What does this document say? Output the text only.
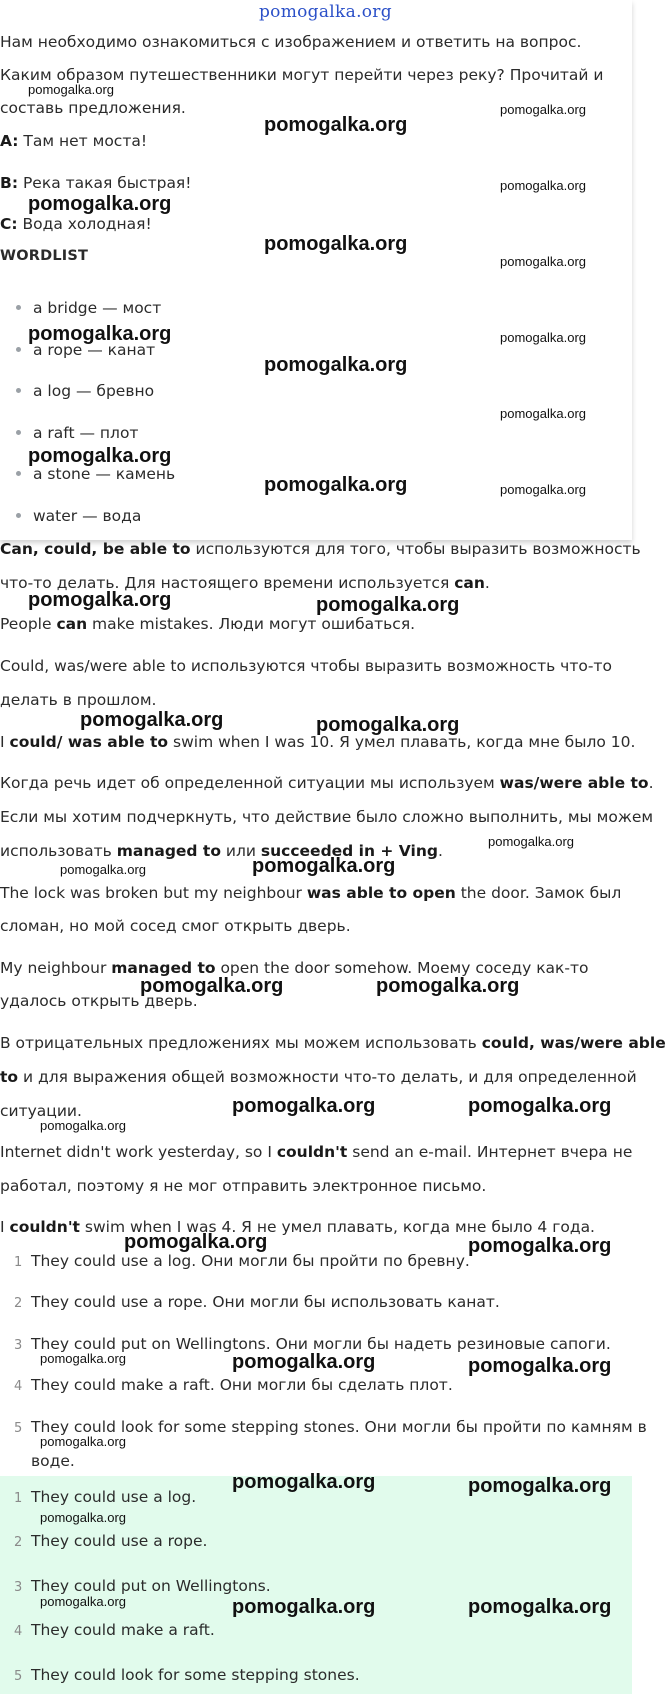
pomogalka.org
Нам необходимо ознакомиться с изображением и ответить на вопрос.
Каким образом путешественники могут перейти через реку? Прочитай и
составь предложения.
A: Там нет моста!
B: Река такая быстрая!
C: Вода холодная!
WORDLIST
a bridge — мост
a rope — канат
a log — бревно
a raft — плот
a stone — камень
water — вода
Can, could, be able to используются для того, чтобы выразить возможность
что-то делать. Для настоящего времени используется can.
People can make mistakes. Люди могут ошибаться.
Could, was/were able to используются чтобы выразить возможность что-то
делать в прошлом.
I could/ was able to swim when I was 10. Я умел плавать, когда мне было 10.
Когда речь идет об определенной ситуации мы используем was/were able to.
Если мы хотим подчеркнуть, что действие было сложно выполнить, мы можем
использовать managed to или succeeded in + Ving.
The lock was broken but my neighbour was able to open the door. Замок был
сломан, но мой сосед смог открыть дверь.
My neighbour managed to open the door somehow. Моему соседу как-то
удалось открыть дверь.
В отрицательных предложениях мы можем использовать could, was/were able
to и для выражения общей возможности что-то делать, и для определенной
ситуации.
Internet didn't work yesterday, so I couldn't send an e-mail. Интернет вчера не
работал, поэтому я не мог отправить электронное письмо.
I couldn't swim when I was 4. Я не умел плавать, когда мне было 4 года.
1 They could use a log. Они могли бы пройти по бревну.
2 They could use a rope. Они могли бы использовать канат.
3 They could put on Wellingtons. Они могли бы надеть резиновые сапоги.
4 They could make a raft. Они могли бы сделать плот.
5 They could look for some stepping stones. Они могли бы пройти по камням в
воде.
1 They could use a log.
2 They could use a rope.
3 They could put on Wellingtons.
4 They could make a raft.
5 They could look for some stepping stones.
pomogalka.org
pomogalka.org
pomogalka.org
pomogalka.org
pomogalka.org
pomogalka.org
pomogalka.org
pomogalka.org
pomogalka.org
pomogalka.org
pomogalka.org
pomogalka.org
pomogalka.org	pomogalka.org
pomogalka.org	pomogalka.org
pomogalka.org	pomogalka.org
pomogalka.org
pomogalka.org
pomogalka.org
pomogalka.org	pomogalka.org
pomogalka.org	pomogalka.org
pomogalka.org
pomogalka.org	pomogalka.org
pomogalka.org	pomogalka.org	pomogalka.org
pomogalka.org
pomogalka.org	pomogalka.org
pomogalka.org
pomogalka.org	pomogalka.org	pomogalka.org
